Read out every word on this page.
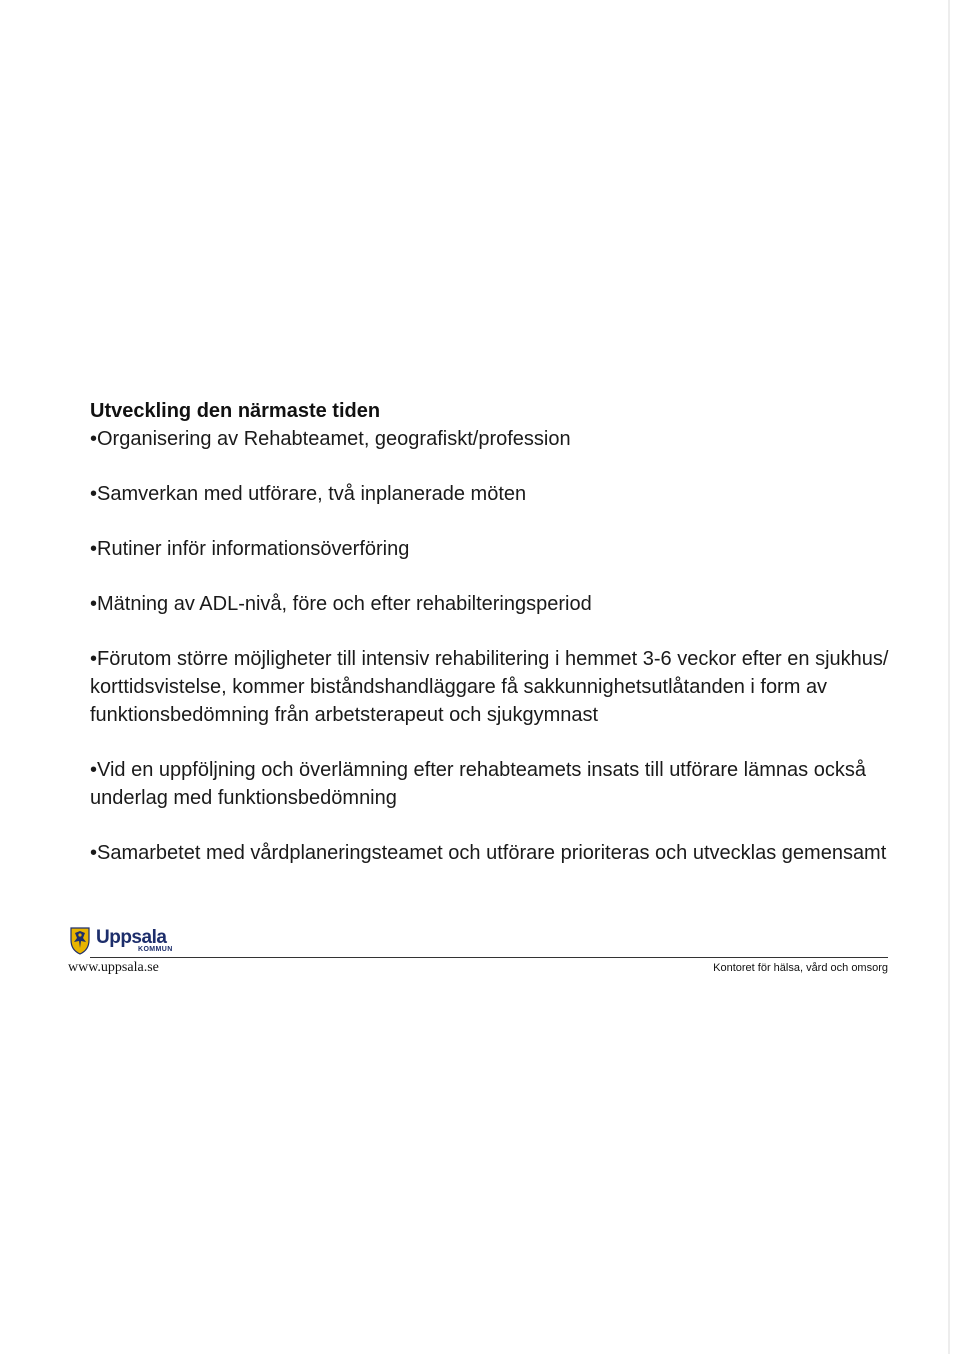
Utveckling den närmaste tiden

•Organisering av Rehabteamet, geografiskt/profession

•Samverkan med utförare, två inplanerade möten

•Rutiner inför informationsöverföring

•Mätning av ADL-nivå, före och efter rehabilteringsperiod

•Förutom större möjligheter till intensiv rehabilitering i hemmet 3-6 veckor efter en sjukhus/ korttidsvistelse, kommer biståndshandläggare få sakkunnighetsutlåtanden i form av funktionsbedömning från arbetsterapeut och sjukgymnast

•Vid en uppföljning och överlämning efter rehabteamets insats till utförare lämnas också underlag med funktionsbedömning

•Samarbetet med vårdplaneringsteamet och utförare prioriteras och utvecklas gemensamt

Uppsala
KOMMUN
www.uppsala.se	Kontoret för hälsa, vård och omsorg
